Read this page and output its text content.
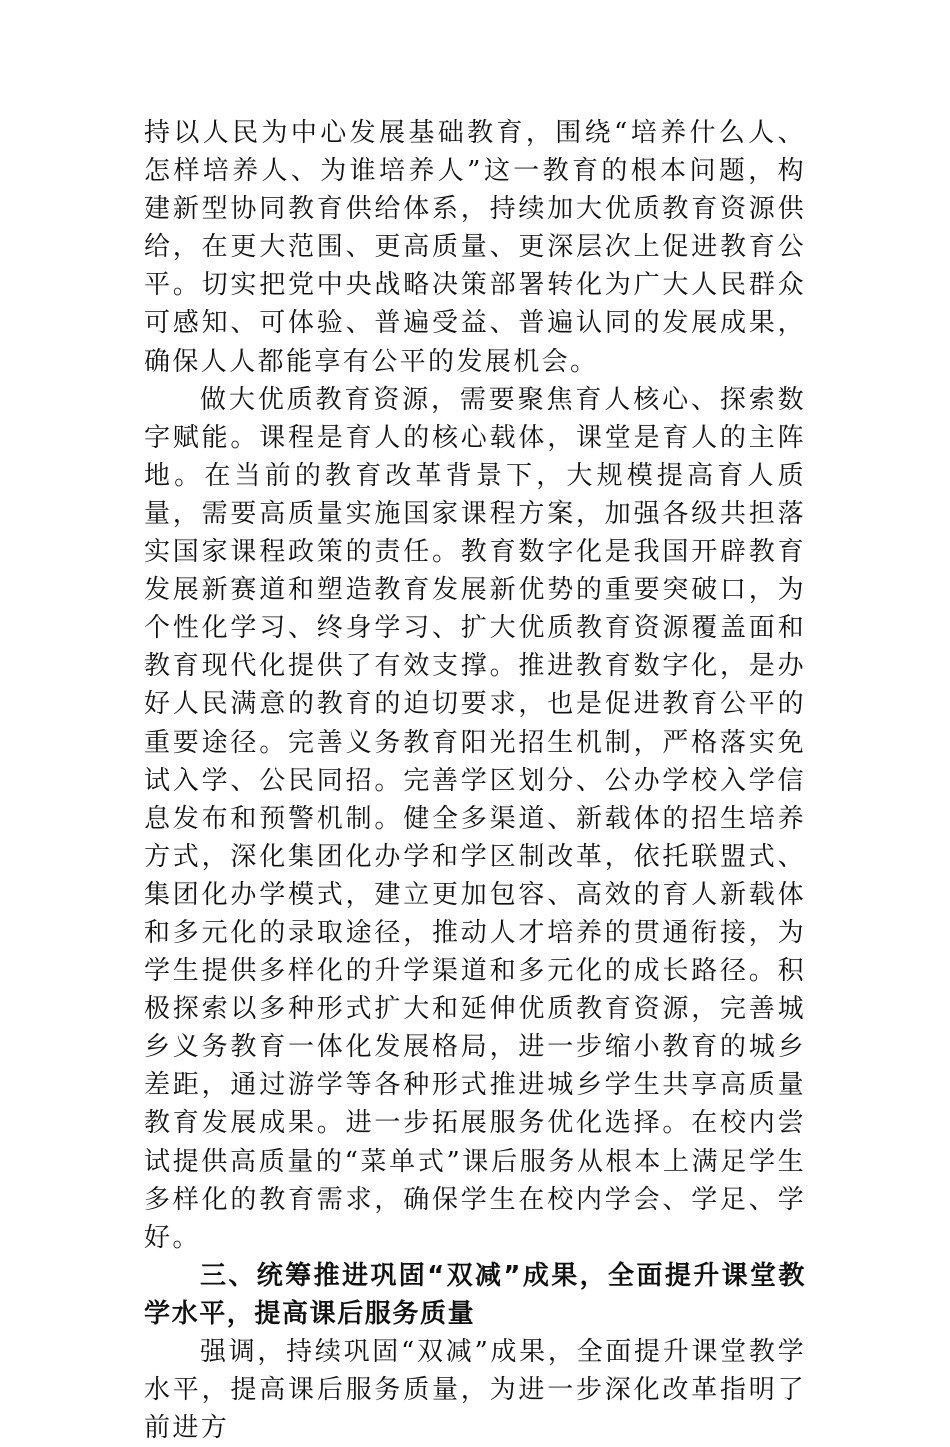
持以人民为中心发展基础教育，围绕“培养什么人、怎样培养人、为谁培养人”这一教育的根本问题，构建新型协同教育供给体系，持续加大优质教育资源供给，在更大范围、更高质量、更深层次上促进教育公平。切实把党中央战略决策部署转化为广大人民群众可感知、可体验、普遍受益、普遍认同的发展成果，确保人人都能享有公平的发展机会。

做大优质教育资源，需要聚焦育人核心、探索数字赋能。课程是育人的核心载体，课堂是育人的主阵地。在当前的教育改革背景下，大规模提高育人质量，需要高质量实施国家课程方案，加强各级共担落实国家课程政策的责任。教育数字化是我国开辟教育发展新赛道和塑造教育发展新优势的重要突破口，为个性化学习、终身学习、扩大优质教育资源覆盖面和教育现代化提供了有效支撑。推进教育数字化，是办好人民满意的教育的迫切要求，也是促进教育公平的重要途径。完善义务教育阳光招生机制，严格落实免试入学、公民同招。完善学区划分、公办学校入学信息发布和预警机制。健全多渠道、新载体的招生培养方式，深化集团化办学和学区制改革，依托联盟式、集团化办学模式，建立更加包容、高效的育人新载体和多元化的录取途径，推动人才培养的贯通衔接，为学生提供多样化的升学渠道和多元化的成长路径。积极探索以多种形式扩大和延伸优质教育资源，完善城乡义务教育一体化发展格局，进一步缩小教育的城乡差距，通过游学等各种形式推进城乡学生共享高质量教育发展成果。进一步拓展服务优化选择。在校内尝试提供高质量的“菜单式”课后服务从根本上满足学生多样化的教育需求，确保学生在校内学会、学足、学好。

三、统筹推进巩固“双减”成果，全面提升课堂教学水平，提高课后服务质量

强调，持续巩固“双减”成果，全面提升课堂教学水平，提高课后服务质量，为进一步深化改革指明了前进方
